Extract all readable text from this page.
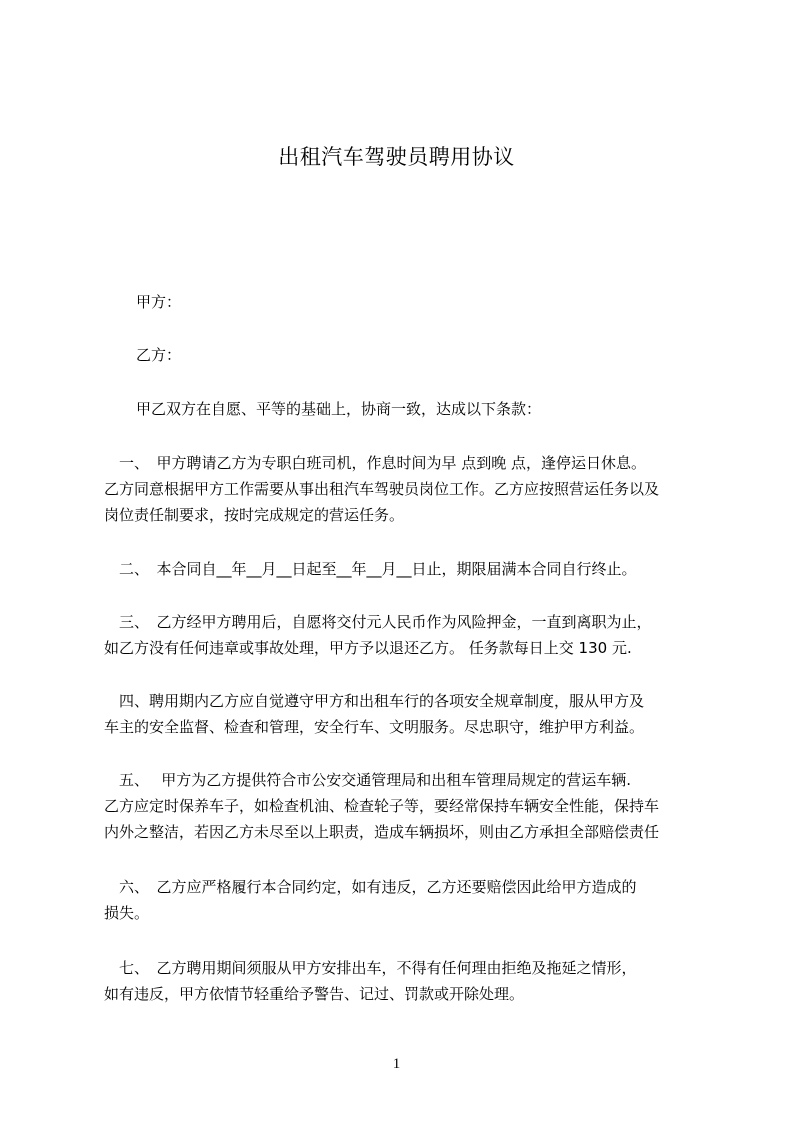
出租汽车驾驶员聘用协议
甲方：
乙方：
甲乙双方在自愿、平等的基础上，协商一致，达成以下条款：
　一、　甲方聘请乙方为专职白班司机，作息时间为早 点到晚 点，逢停运日休息。
乙方同意根据甲方工作需要从事出租汽车驾驶员岗位工作。乙方应按照营运任务以及
岗位责任制要求，按时完成规定的营运任务。
　二、　本合同自__年__月__日起至__年__月__日止，期限届满本合同自行终止。
　三、　乙方经甲方聘用后，自愿将交付元人民币作为风险押金，一直到离职为止，
如乙方没有任何违章或事故处理，甲方予以退还乙方。 任务款每日上交 130 元.
　四、聘用期内乙方应自觉遵守甲方和出租车行的各项安全规章制度，服从甲方及
车主的安全监督、检查和管理，安全行车、文明服务。尽忠职守，维护甲方利益。
　五、　 甲方为乙方提供符合市公安交通管理局和出租车管理局规定的营运车辆.
乙方应定时保养车子，如检查机油、检查轮子等，要经常保持车辆安全性能，保持车
内外之整洁，若因乙方未尽至以上职责，造成车辆损坏，则由乙方承担全部赔偿责任
　六、　乙方应严格履行本合同约定，如有违反，乙方还要赔偿因此给甲方造成的
损失。
　七、　乙方聘用期间须服从甲方安排出车，不得有任何理由拒绝及拖延之情形，
如有违反，甲方依情节轻重给予警告、记过、罚款或开除处理。
1
